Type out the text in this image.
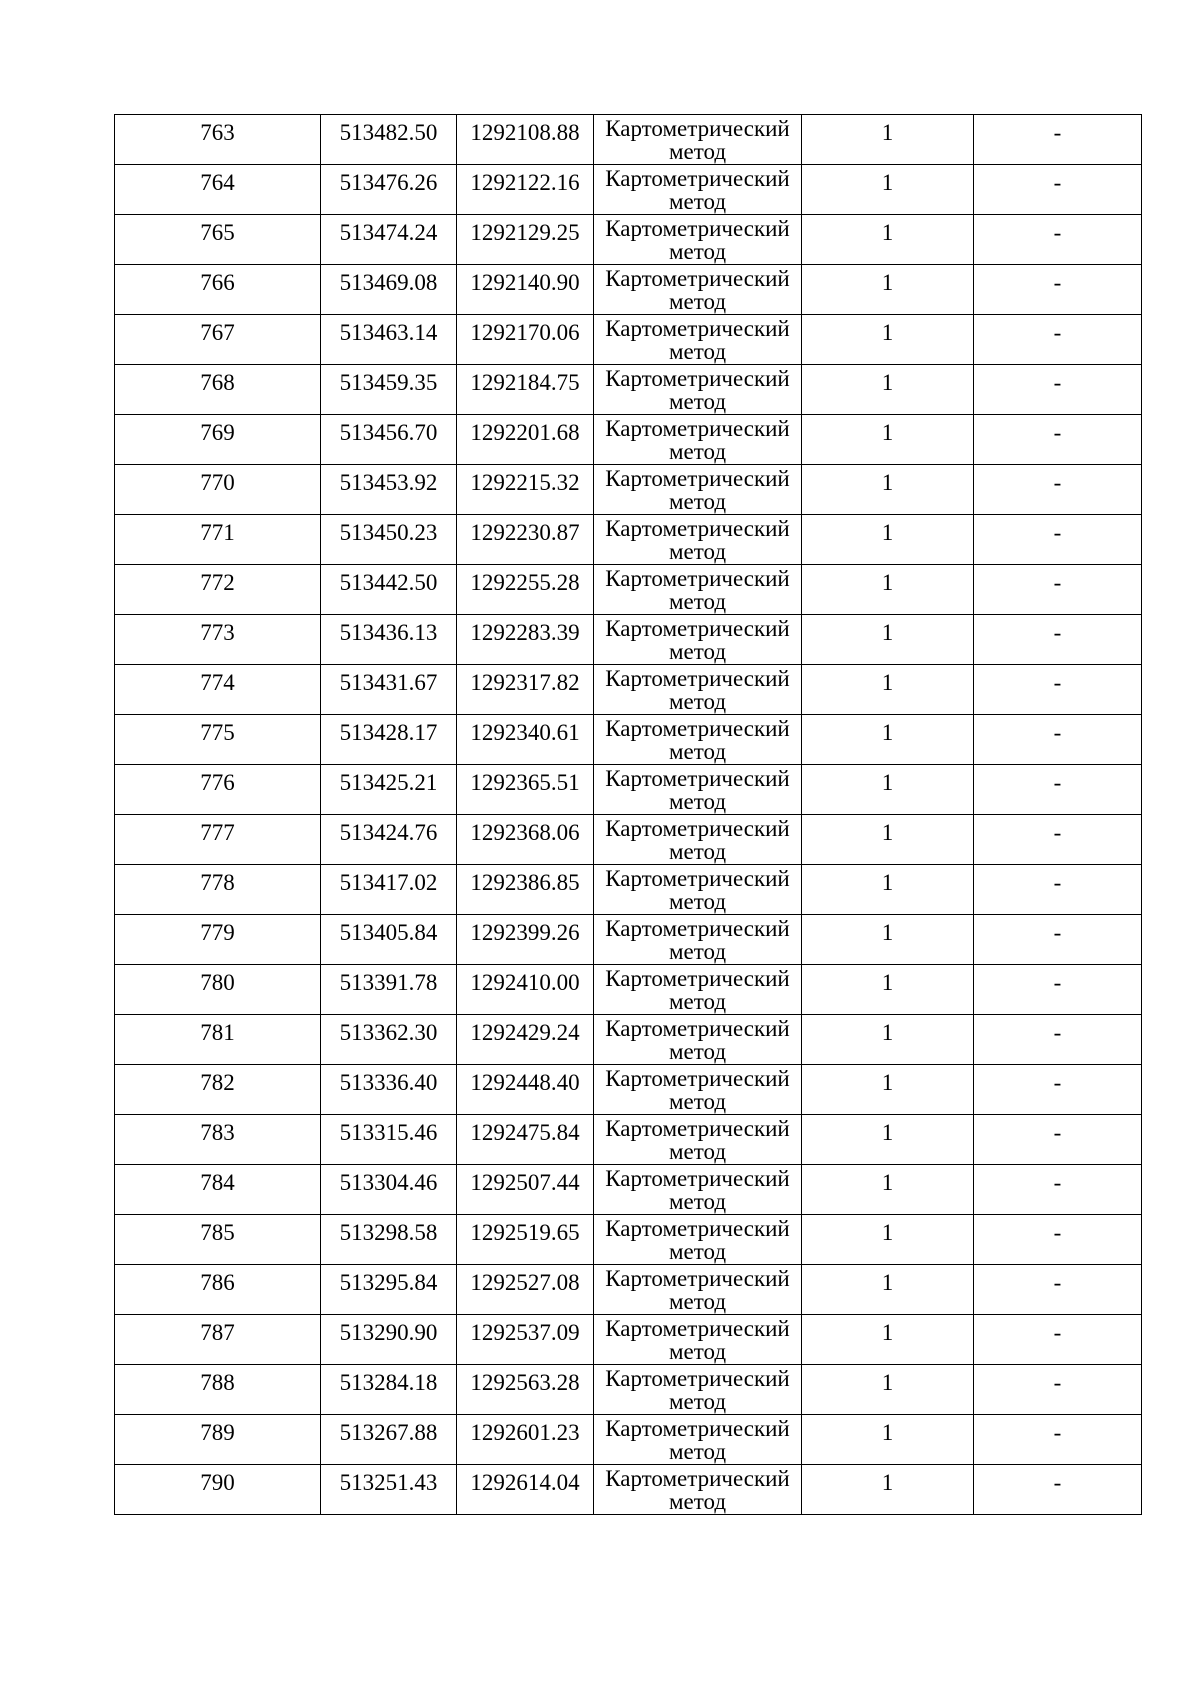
763	513482.50	1292108.88	Картометрический
метод	1	-

764	513476.26	1292122.16	Картометрический
метод	1	-

765	513474.24	1292129.25	Картометрический
метод	1	-

766	513469.08	1292140.90	Картометрический
метод	1	-

767	513463.14	1292170.06	Картометрический
метод	1	-

768	513459.35	1292184.75	Картометрический
метод	1	-

769	513456.70	1292201.68	Картометрический
метод	1	-

770	513453.92	1292215.32	Картометрический
метод	1	-

771	513450.23	1292230.87	Картометрический
метод	1	-

772	513442.50	1292255.28	Картометрический
метод	1	-

773	513436.13	1292283.39	Картометрический
метод	1	-

774	513431.67	1292317.82	Картометрический
метод	1	-

775	513428.17	1292340.61	Картометрический
метод	1	-

776	513425.21	1292365.51	Картометрический
метод	1	-

777	513424.76	1292368.06	Картометрический
метод	1	-

778	513417.02	1292386.85	Картометрический
метод	1	-

779	513405.84	1292399.26	Картометрический
метод	1	-

780	513391.78	1292410.00	Картометрический
метод	1	-

781	513362.30	1292429.24	Картометрический
метод	1	-

782	513336.40	1292448.40	Картометрический
метод	1	-

783	513315.46	1292475.84	Картометрический
метод	1	-

784	513304.46	1292507.44	Картометрический
метод	1	-

785	513298.58	1292519.65	Картометрический
метод	1	-

786	513295.84	1292527.08	Картометрический
метод	1	-

787	513290.90	1292537.09	Картометрический
метод	1	-

788	513284.18	1292563.28	Картометрический
метод	1	-

789	513267.88	1292601.23	Картометрический
метод	1	-

790	513251.43	1292614.04	Картометрический
метод	1	-
